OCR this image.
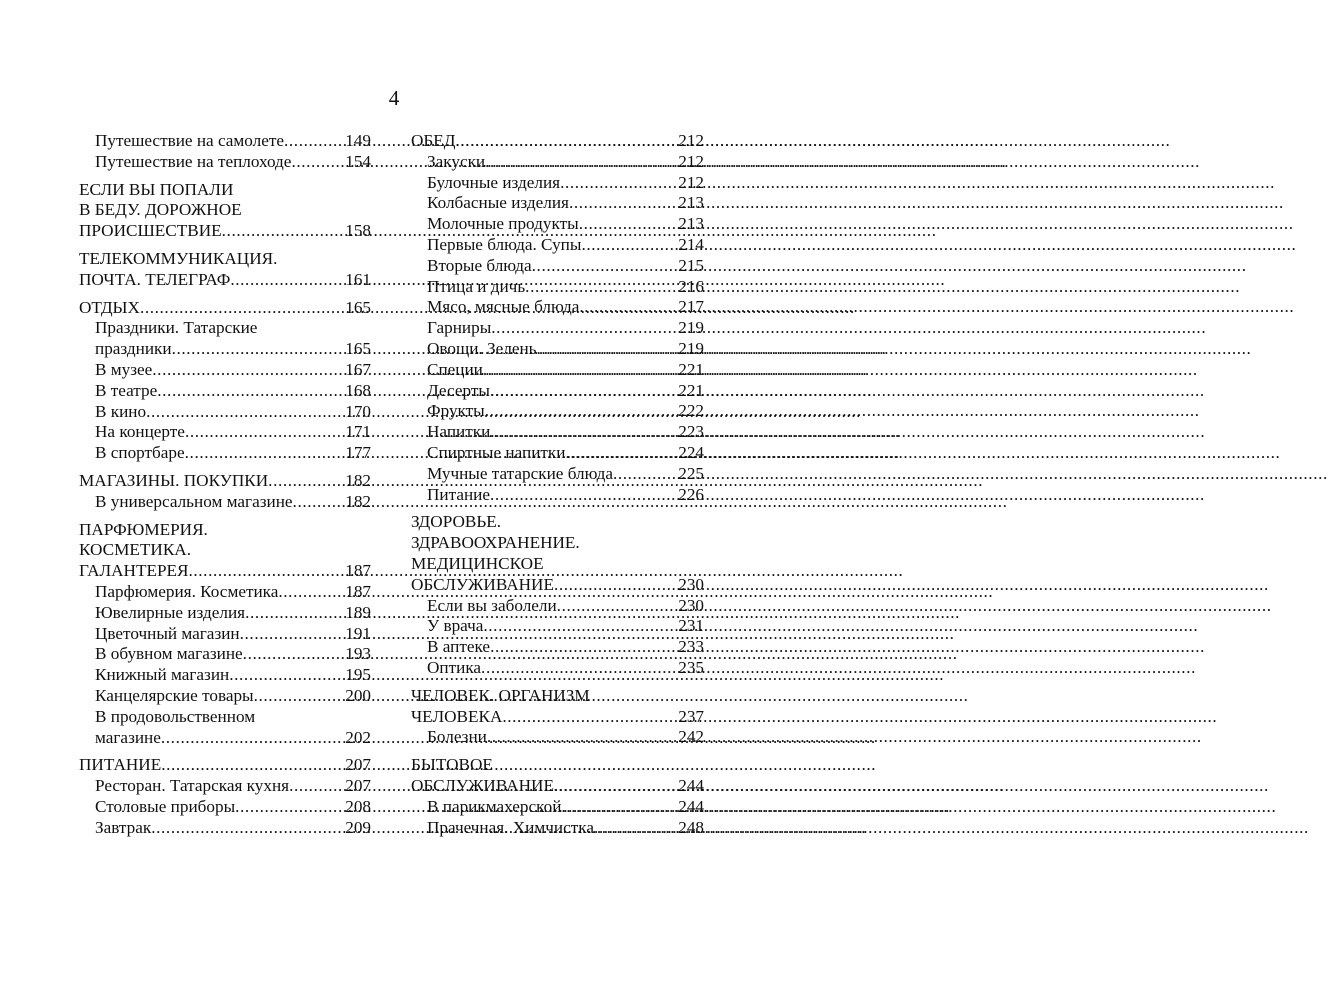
4
Путешествие на самолете .....	149
Путешествие на теплоходе .....	154
ЕСЛИ ВЫ ПОПАЛИ
В БЕДУ. ДОРОЖНОЕ
ПРОИСШЕСТВИЕ .....	158
ТЕЛЕКОММУНИКАЦИЯ.
ПОЧТА. ТЕЛЕГРАФ .....	161
ОТДЫХ .....	165
Праздники. Татарские
праздники .....	165
В музее .....	167
В театре .....	168
В кино .....	170
На концерте .....	171
В спортбаре .....	177
МАГАЗИНЫ. ПОКУПКИ .....	182
В универсальном магазине .....	182
ПАРФЮМЕРИЯ.
КОСМЕТИКА.
ГАЛАНТЕРЕЯ .....	187
Парфюмерия. Косметика .....	187
Ювелирные изделия .....	189
Цветочный магазин .....	191
В обувном магазине .....	193
Книжный магазин .....	195
Канцелярские товары .....	200
В продовольственном
магазине .....	202
ПИТАНИЕ .....	207
Ресторан. Татарская кухня .....	207
Столовые приборы .....	208
Завтрак .....	209
ОБЕД .....	212
Закуски .....	212
Булочные изделия .....	212
Колбасные изделия .....	213
Молочные продукты .....	213
Первые блюда. Супы .....	214
Вторые блюда .....	215
Птица и дичь .....	216
Мясо, мясные блюда .....	217
Гарниры .....	219
Овощи. Зелень .....	219
Специи .....	221
Десерты .....	221
Фрукты .....	222
Напитки .....	223
Спиртные напитки .....	224
Мучные татарские блюда .....	225
Питание .....	226
ЗДОРОВЬЕ.
ЗДРАВООХРАНЕНИЕ.
МЕДИЦИНСКОЕ
ОБСЛУЖИВАНИЕ .....	230
Если вы заболели .....	230
У врача .....	231
В аптеке .....	233
Оптика .....	235
ЧЕЛОВЕК. ОРГАНИЗМ
ЧЕЛОВЕКА .....	237
Болезни .....	242
БЫТОВОЕ
ОБСЛУЖИВАНИЕ .....	244
В парикмахерской .....	244
Прачечная. Химчистка .....	248
